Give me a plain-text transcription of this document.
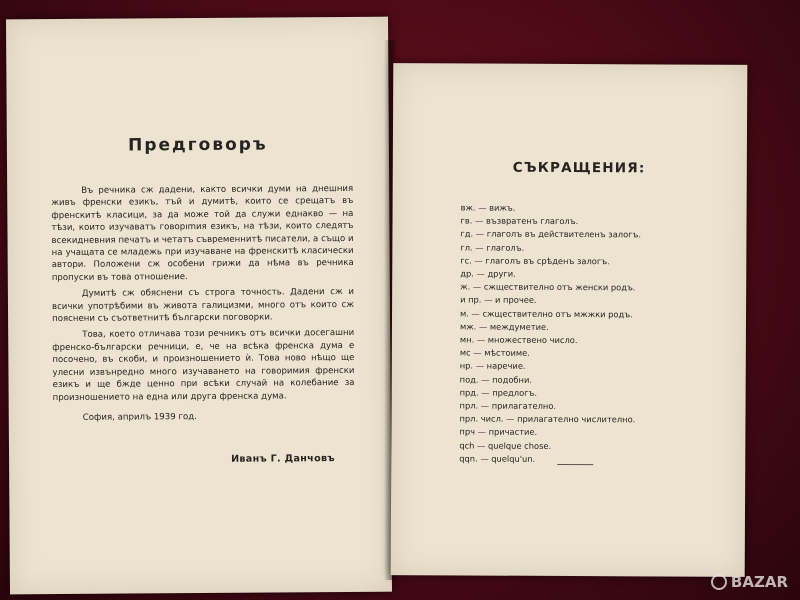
Предговоръ

Въ речника сж дадени, както всички думи на днешния живъ френски езикъ, тъй и думитѣ, които се срещатъ въ френскитѣ класици, за да може той да служи еднакво — на тѣзи, които изучаватъ говорımия езикъ, на тѣзи, които следятъ всекидневния печатъ и четатъ съвременнитѣ писатели, а също и на учащата се младежь при изучаване на френскитѣ класически автори. Положени сж особени грижи да нѣма въ речника пропуски въ това отношение.

Думитѣ сж обяснени съ строга точность. Дадени сж и всички употрѣбими въ живота галицизми, много отъ които сж пояснени съ съответнитѣ български поговорки.

Това, което отличава този речникъ отъ всички досегашни френско-български речници, е, че на всѣка френска дума е посочено, въ скоби, и произношението ѝ. Това ново нѣщо ще улесни извънредно много изучаването на говоримия френски езикъ и ще бжде ценно при всѣки случай на колебание за произношението на една или друга френска дума.

София, априлъ 1939 год.

Иванъ Г. Данчовъ
СЪКРАЩЕНИЯ:
вж. — вижъ.
гв. — възвратенъ глаголъ.
гд. — глаголъ въ действителенъ залогъ.
гл. — глаголъ.
гс. — глаголъ въ срѣденъ залогъ.
др. — други.
ж. — сжществително отъ женски родъ.
и пр. — и прочее.
м. — сжществително отъ мжжки родъ.
мж. — междуметие.
мн. — множествено число.
мс — мѣстоиме.
нр. — наречие.
под. — подобни.
прд. — предлогъ.
прл. — прилагателно.
прл. числ. — прилагателно числително.
прч — причастие.
qch — quelque chose.
qqn. — quelqu'un.
BAZAR
